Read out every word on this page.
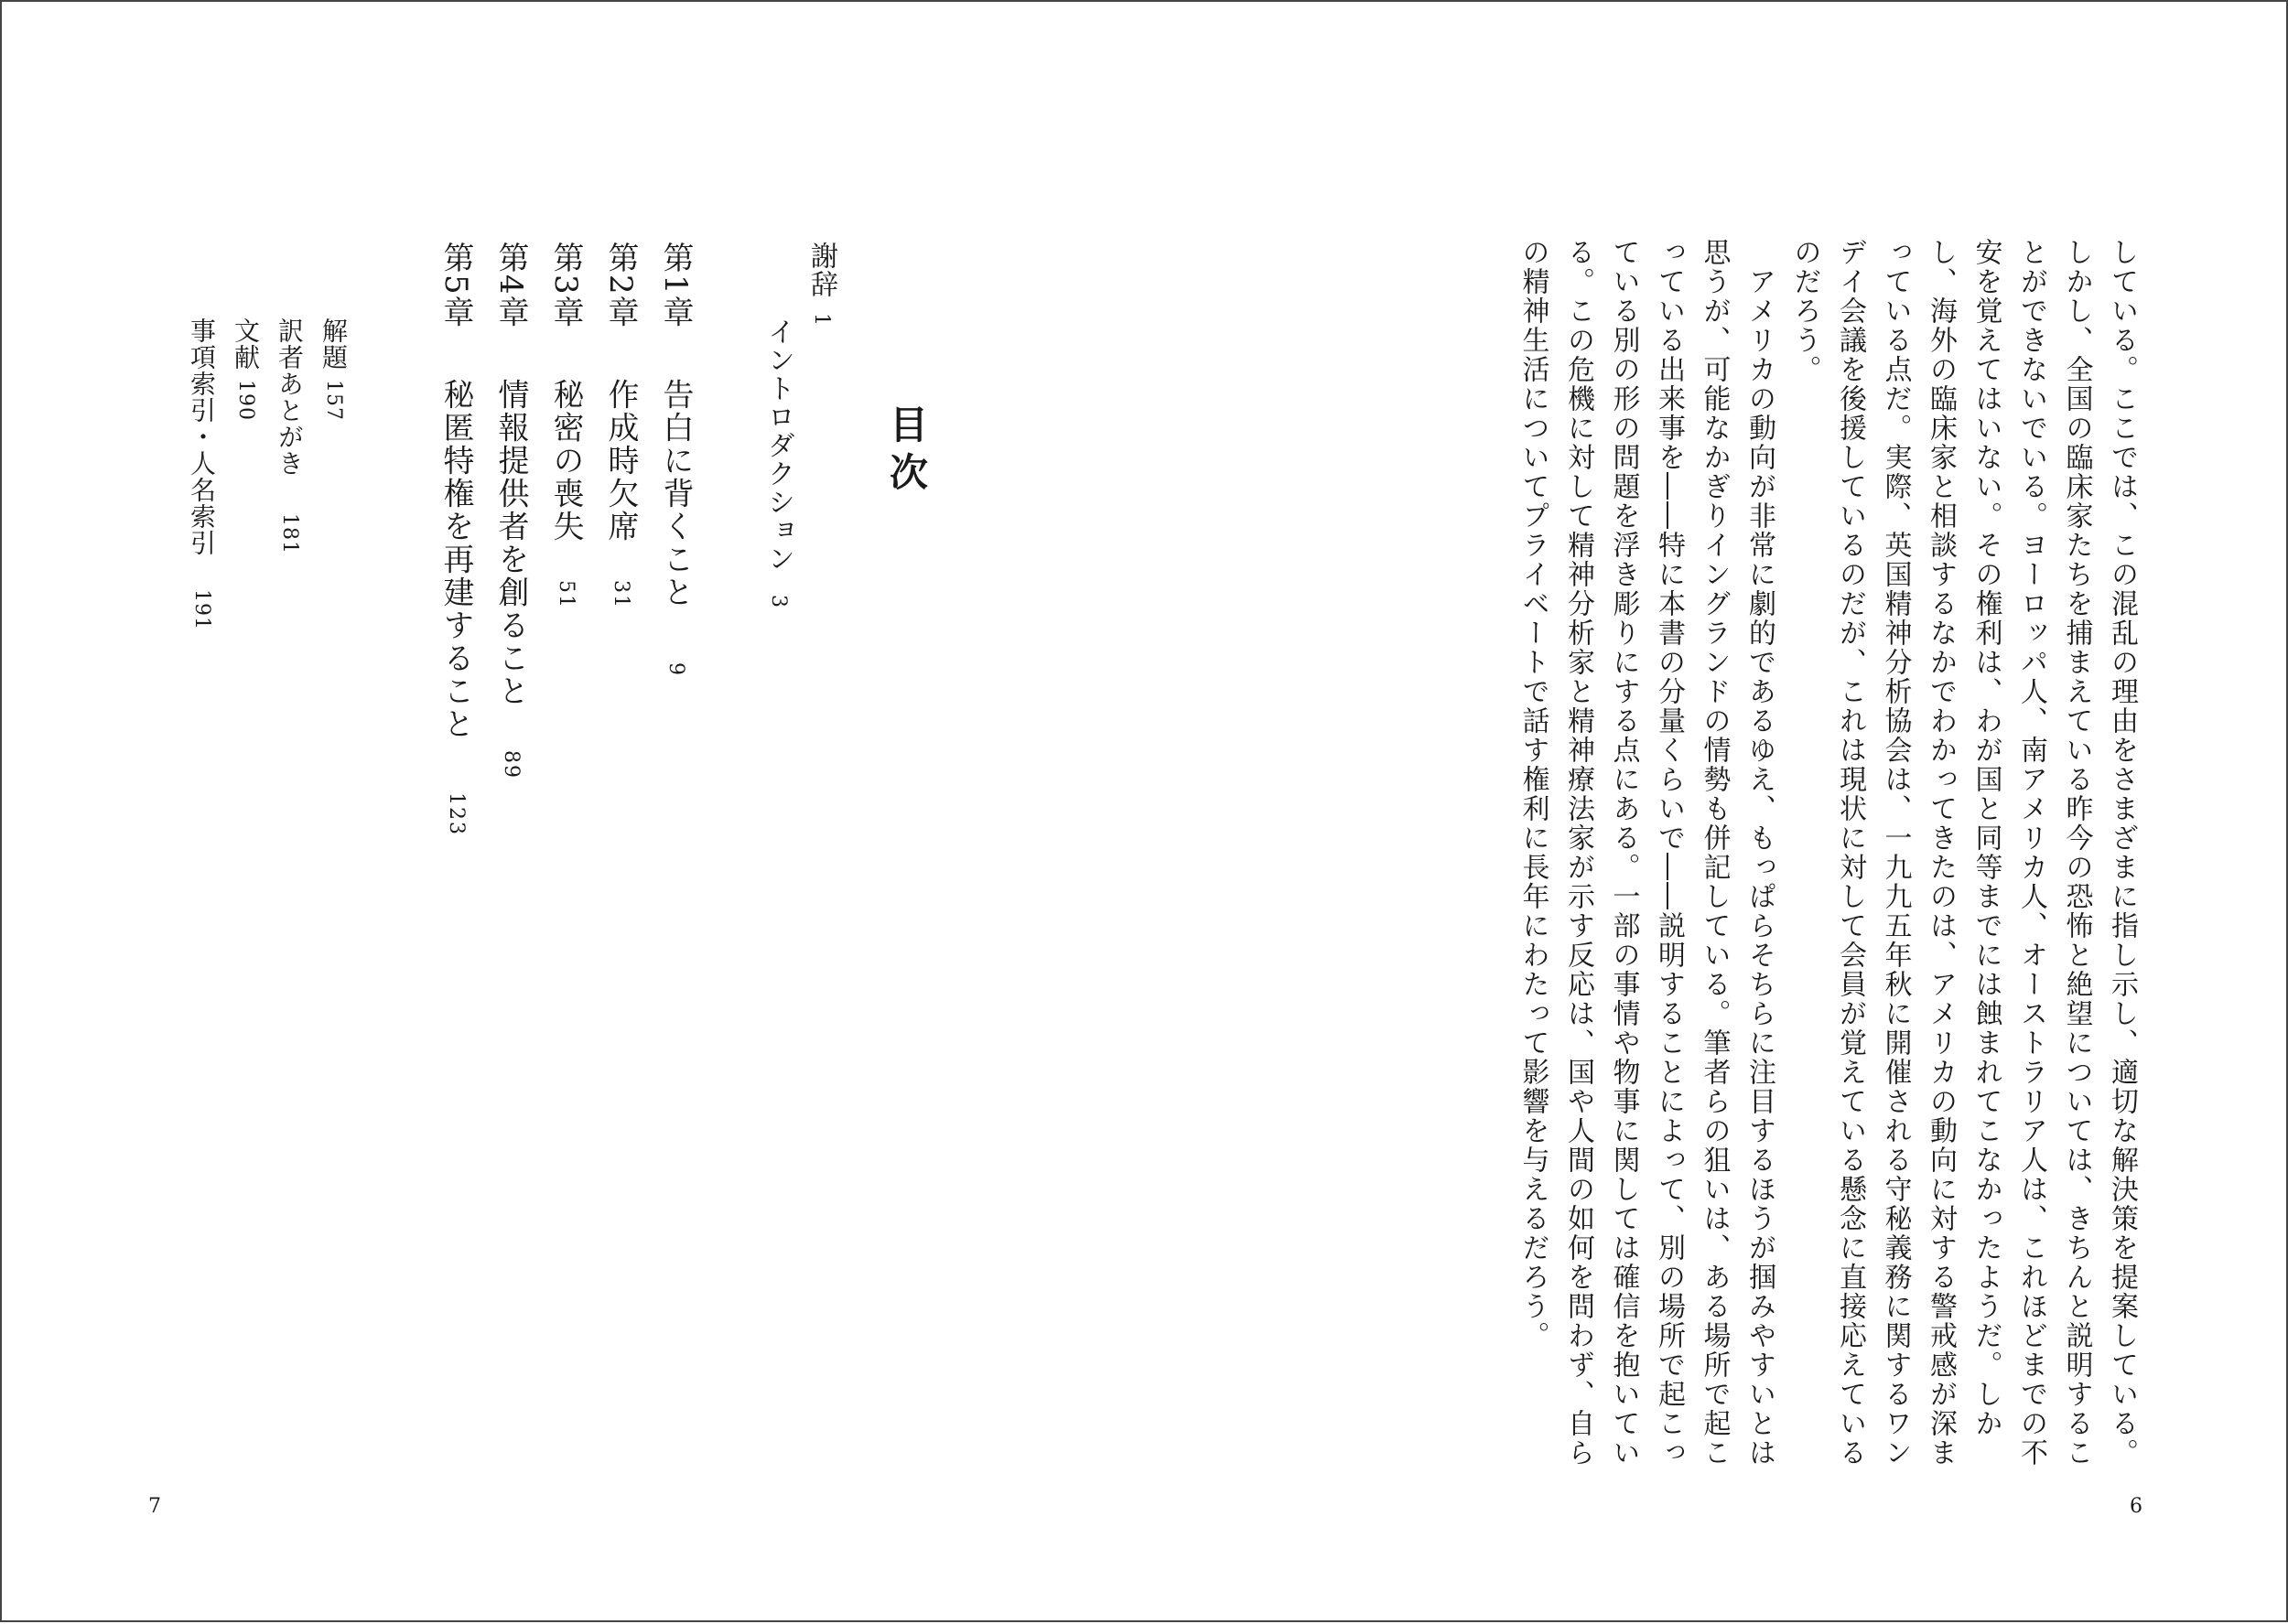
している。ここでは、この混乱の理由をさまざまに指し示し、適切な解決策を提案している。しかし、全国の臨床家たちを捕まえている昨今の恐怖と絶望については、きちんと説明することができないでいる。ヨーロッパ人、南アメリカ人、オーストラリア人は、これほどまでの不安を覚えてはいない。その権利は、わが国と同等までには蝕まれてこなかったようだ。しかし、海外の臨床家と相談するなかでわかってきたのは、アメリカの動向に対する警戒感が深まっている点だ。実際、英国精神分析協会は、一九九五年秋に開催される守秘義務に関するワンデイ会議を後援しているのだが、これは現状に対して会員が覚えている懸念に直接応えているのだろう。

　アメリカの動向が非常に劇的であるゆえ、もっぱらそちらに注目するほうが掴みやすいとは思うが、可能なかぎりイングランドの情勢も併記している。筆者らの狙いは、ある場所で起こっている出来事を――特に本書の分量くらいで――説明することによって、別の場所で起こっている別の形の問題を浮き彫りにする点にある。一部の事情や物事に関しては確信を抱いている。この危機に対して精神分析家と精神療法家が示す反応は、国や人間の如何を問わず、自らの精神生活についてプライベートで話す権利に長年にわたって影響を与えるだろう。

6
目次
謝辞1
イントロダクション3
第1章告白に背くこと9
第2章作成時欠席31
第3章秘密の喪失51
第4章情報提供者を創ること89
第5章秘匿特権を再建すること123
解題157
訳者あとがき181
文献190
事項索引・人名索引191
7
